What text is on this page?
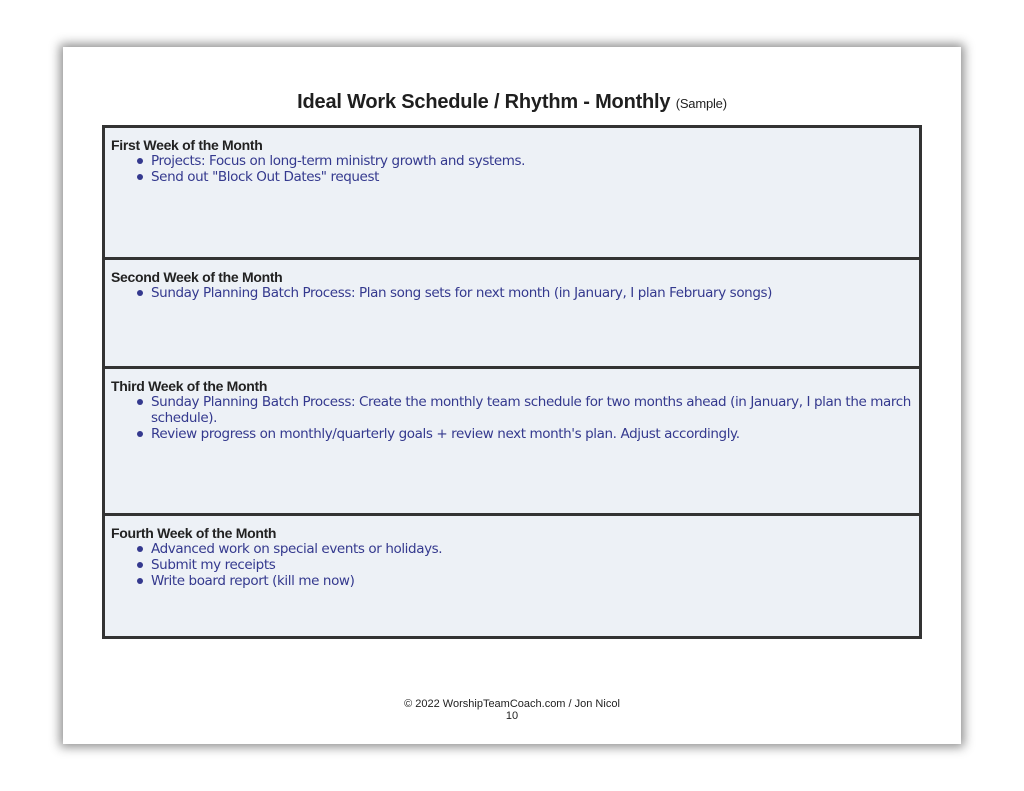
Ideal Work Schedule / Rhythm - Monthly (Sample)
First Week of the Month
Projects: Focus on long-term ministry growth and systems.
Send out "Block Out Dates" request
Second Week of the Month
Sunday Planning Batch Process: Plan song sets for next month (in January, I plan February songs)
Third Week of the Month
Sunday Planning Batch Process: Create the monthly team schedule for two months ahead (in January, I plan the march schedule).
Review progress on monthly/quarterly goals + review next month's plan. Adjust accordingly.
Fourth Week of the Month
Advanced work on special events or holidays.
Submit my receipts
Write board report (kill me now)
© 2022 WorshipTeamCoach.com / Jon Nicol
10
